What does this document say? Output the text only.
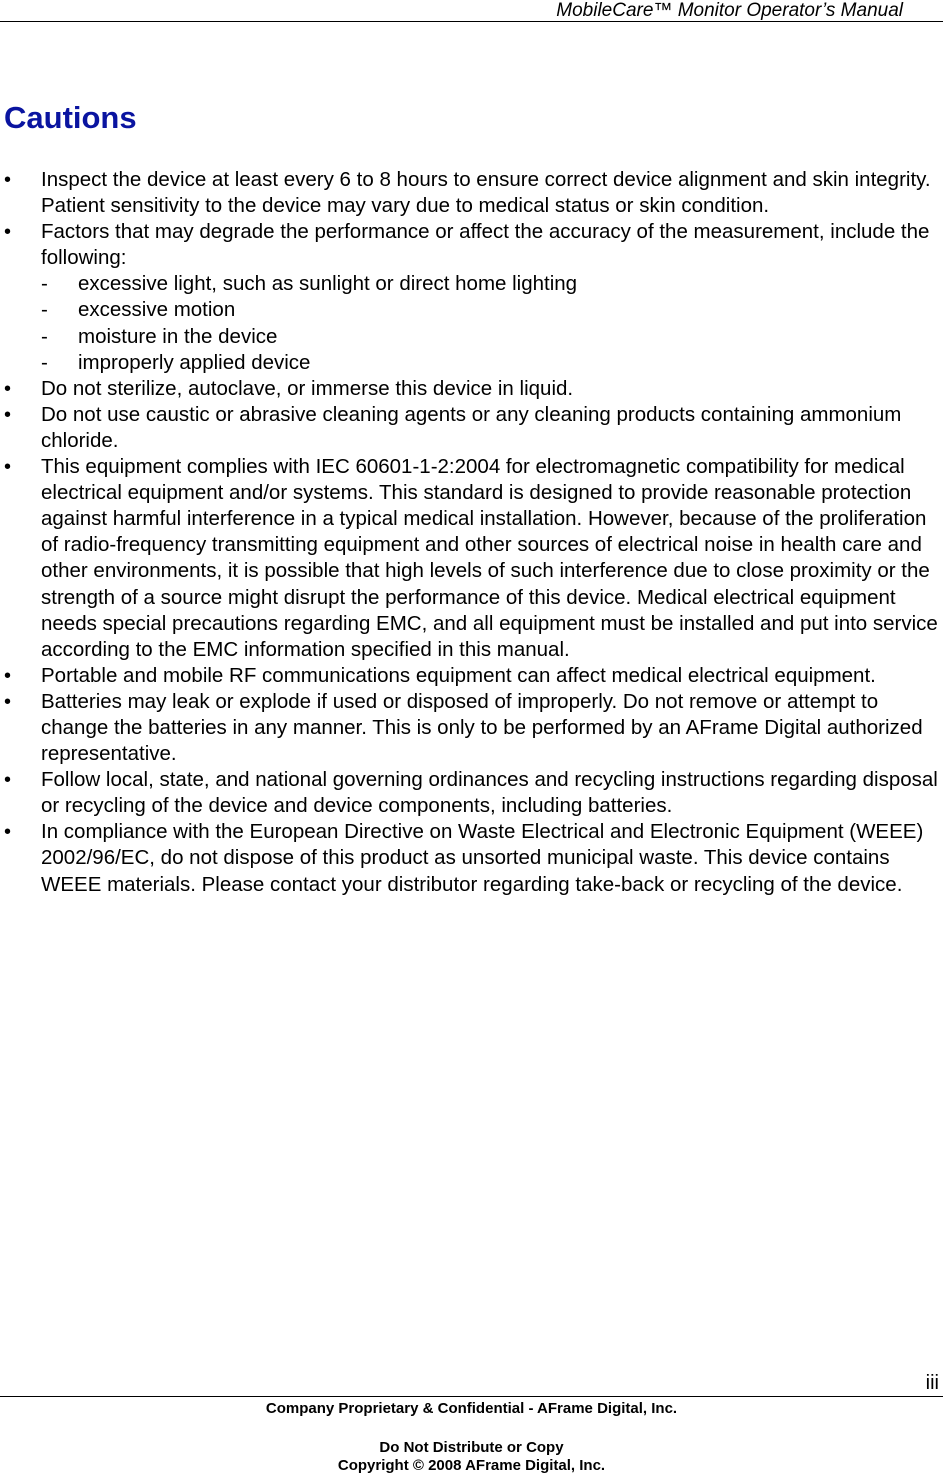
MobileCare™ Monitor Operator’s Manual
Cautions
• Inspect the device at least every 6 to 8 hours to ensure correct device alignment and skin integrity. Patient sensitivity to the device may vary due to medical status or skin condition.
• Factors that may degrade the performance or affect the accuracy of the measurement, include the following:
- excessive light, such as sunlight or direct home lighting
- excessive motion
- moisture in the device
- improperly applied device
• Do not sterilize, autoclave, or immerse this device in liquid.
• Do not use caustic or abrasive cleaning agents or any cleaning products containing ammonium chloride.
• This equipment complies with IEC 60601-1-2:2004 for electromagnetic compatibility for medical electrical equipment and/or systems. This standard is designed to provide reasonable protection against harmful interference in a typical medical installation. However, because of the proliferation of radio-frequency transmitting equipment and other sources of electrical noise in health care and other environments, it is possible that high levels of such interference due to close proximity or the strength of a source might disrupt the performance of this device. Medical electrical equipment needs special precautions regarding EMC, and all equipment must be installed and put into service according to the EMC information specified in this manual.
• Portable and mobile RF communications equipment can affect medical electrical equipment.
• Batteries may leak or explode if used or disposed of improperly. Do not remove or attempt to change the batteries in any manner. This is only to be performed by an AFrame Digital authorized representative.
• Follow local, state, and national governing ordinances and recycling instructions regarding disposal or recycling of the device and device components, including batteries.
• In compliance with the European Directive on Waste Electrical and Electronic Equipment (WEEE) 2002/96/EC, do not dispose of this product as unsorted municipal waste. This device contains WEEE materials. Please contact your distributor regarding take-back or recycling of the device.
iii
Company Proprietary & Confidential - AFrame Digital, Inc.
Do Not Distribute or Copy
Copyright © 2008 AFrame Digital, Inc.
